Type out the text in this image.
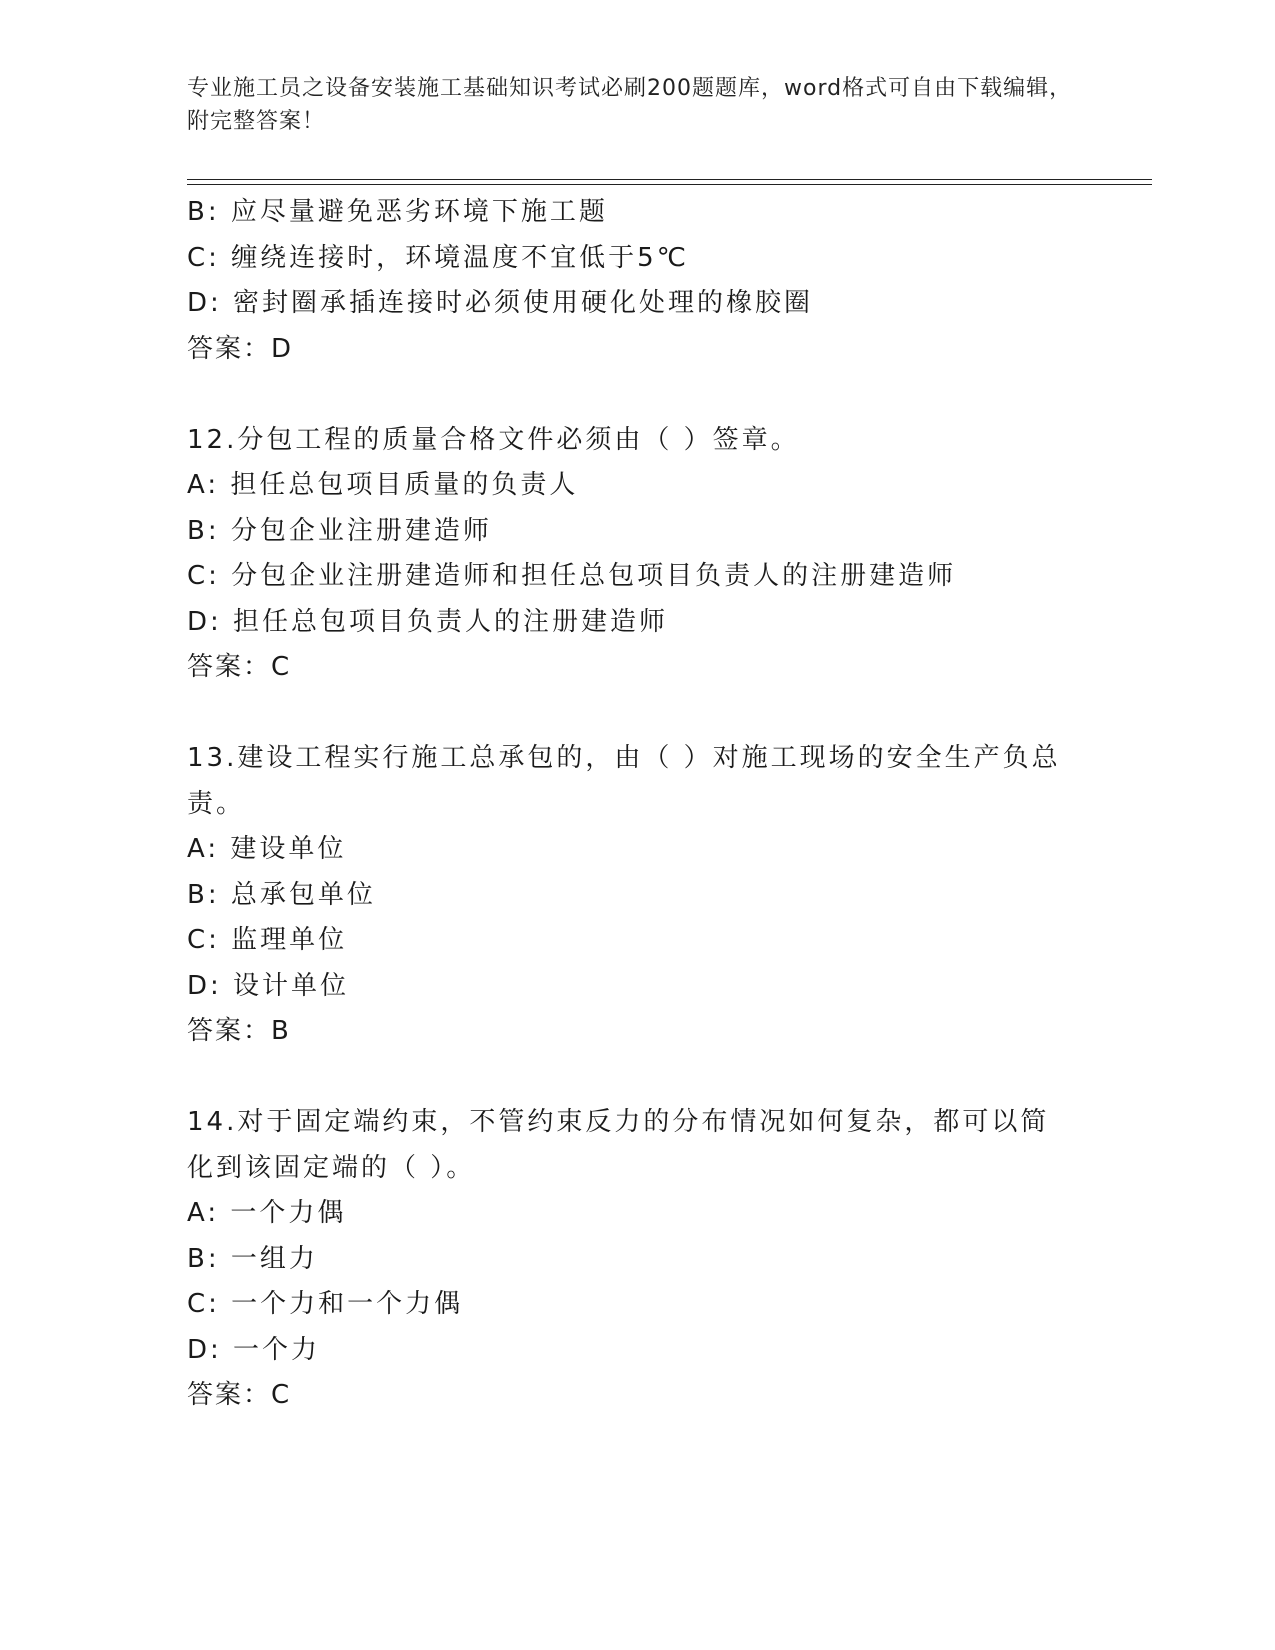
专业施工员之设备安装施工基础知识考试必刷200题题库，word格式可自由下载编辑，附完整答案！
B: 应尽量避免恶劣环境下施工题
C: 缠绕连接时，环境温度不宜低于5℃
D: 密封圈承插连接时必须使用硬化处理的橡胶圈
答案：D
12.分包工程的质量合格文件必须由（ ）签章。
A: 担任总包项目质量的负责人
B: 分包企业注册建造师
C: 分包企业注册建造师和担任总包项目负责人的注册建造师
D: 担任总包项目负责人的注册建造师
答案：C
13.建设工程实行施工总承包的，由（ ）对施工现场的安全生产负总责。
A: 建设单位
B: 总承包单位
C: 监理单位
D: 设计单位
答案：B
14.对于固定端约束，不管约束反力的分布情况如何复杂，都可以简化到该固定端的（ ）。
A: 一个力偶
B: 一组力
C: 一个力和一个力偶
D: 一个力
答案：C
